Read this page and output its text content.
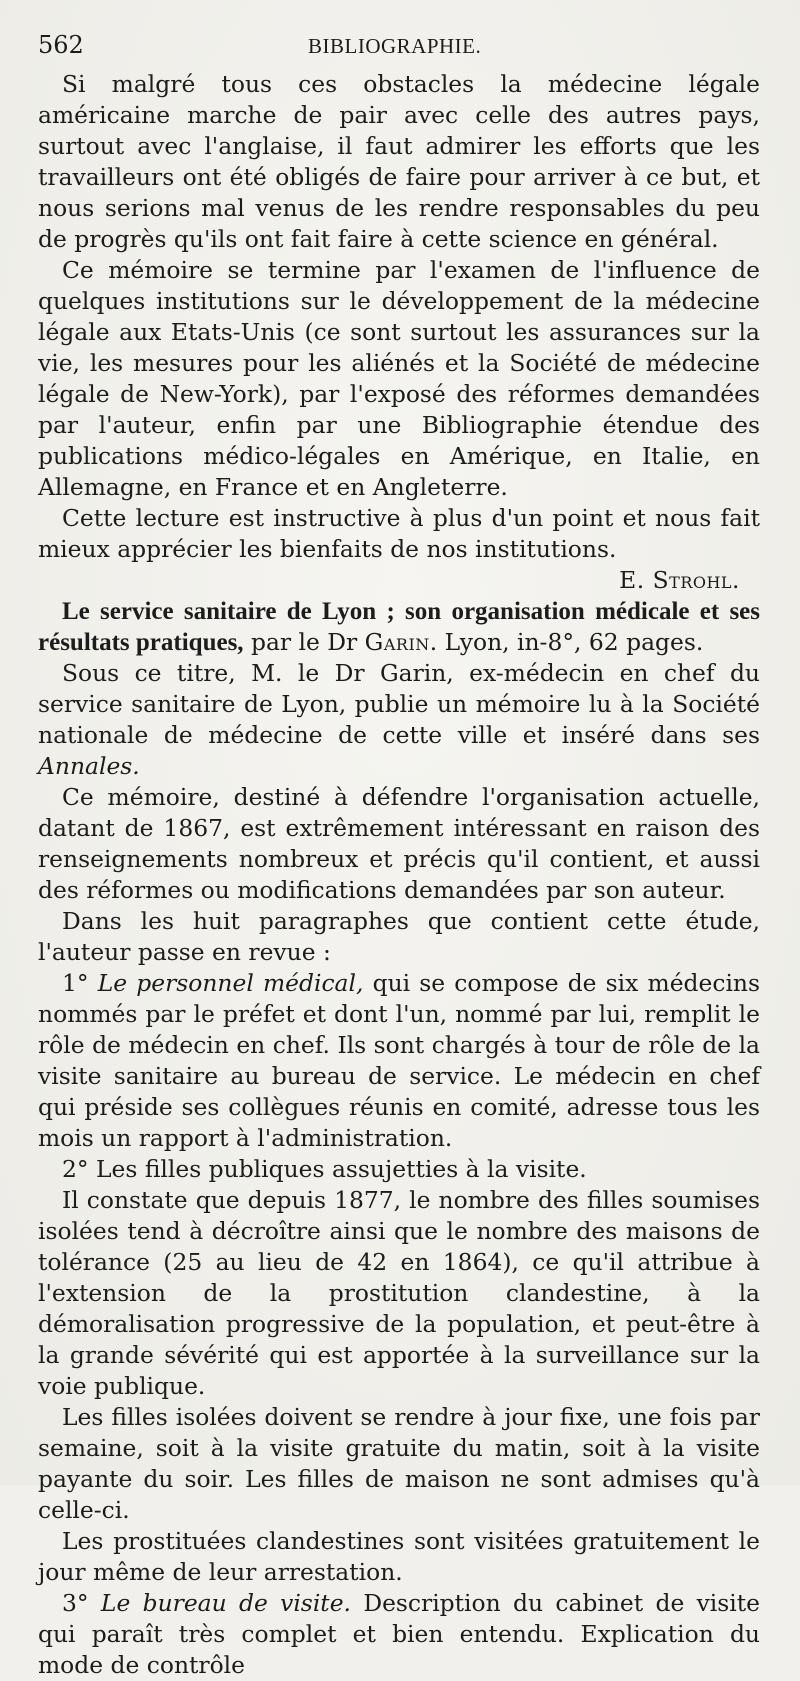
562	BIBLIOGRAPHIE.

Si malgré tous ces obstacles la médecine légale américaine marche de pair avec celle des autres pays, surtout avec l'anglaise, il faut admirer les efforts que les travailleurs ont été obligés de faire pour arriver à ce but, et nous serions mal venus de les rendre responsables du peu de progrès qu'ils ont fait faire à cette science en général.

Ce mémoire se termine par l'examen de l'influence de quelques institutions sur le développement de la médecine légale aux Etats-Unis (ce sont surtout les assurances sur la vie, les mesures pour les aliénés et la Société de médecine légale de New-York), par l'exposé des réformes demandées par l'auteur, enfin par une Bibliographie étendue des publications médico-légales en Amérique, en Italie, en Allemagne, en France et en Angleterre.

Cette lecture est instructive à plus d'un point et nous fait mieux apprécier les bienfaits de nos institutions.

E. Strohl.

Le service sanitaire de Lyon ; son organisation médicale et ses résultats pratiques, par le Dr Garin. Lyon, in-8°, 62 pages.

Sous ce titre, M. le Dr Garin, ex-médecin en chef du service sanitaire de Lyon, publie un mémoire lu à la Société nationale de médecine de cette ville et inséré dans ses Annales.

Ce mémoire, destiné à défendre l'organisation actuelle, datant de 1867, est extrêmement intéressant en raison des renseignements nombreux et précis qu'il contient, et aussi des réformes ou modifications demandées par son auteur.

Dans les huit paragraphes que contient cette étude, l'auteur passe en revue :

1° Le personnel médical, qui se compose de six médecins nommés par le préfet et dont l'un, nommé par lui, remplit le rôle de médecin en chef. Ils sont chargés à tour de rôle de la visite sanitaire au bureau de service. Le médecin en chef qui préside ses collègues réunis en comité, adresse tous les mois un rapport à l'administration.

2° Les filles publiques assujetties à la visite.

Il constate que depuis 1877, le nombre des filles soumises isolées tend à décroître ainsi que le nombre des maisons de tolérance (25 au lieu de 42 en 1864), ce qu'il attribue à l'extension de la prostitution clandestine, à la démoralisation progressive de la population, et peut-être à la grande sévérité qui est apportée à la surveillance sur la voie publique.

Les filles isolées doivent se rendre à jour fixe, une fois par semaine, soit à la visite gratuite du matin, soit à la visite payante du soir. Les filles de maison ne sont admises qu'à celle-ci.

Les prostituées clandestines sont visitées gratuitement le jour même de leur arrestation.

3° Le bureau de visite. Description du cabinet de visite qui paraît très complet et bien entendu. Explication du mode de contrôle
